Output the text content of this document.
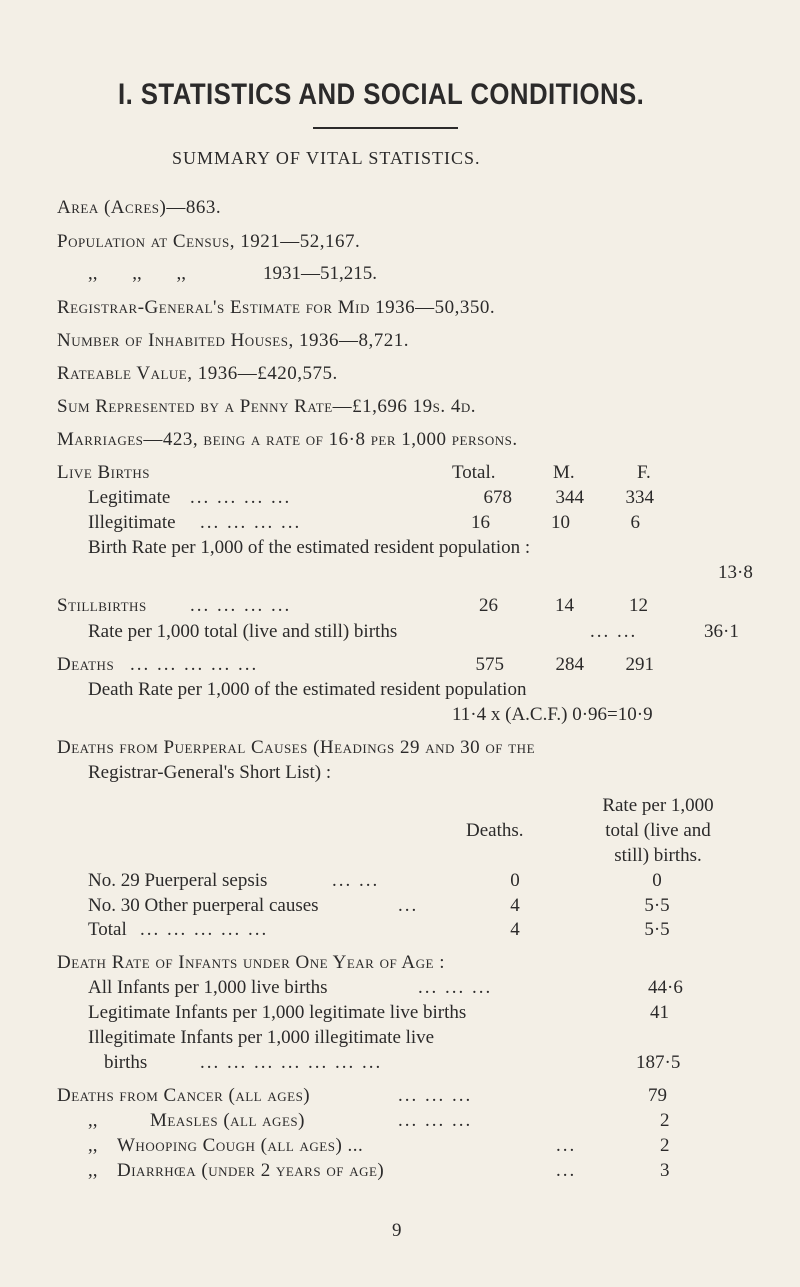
I. STATISTICS AND SOCIAL CONDITIONS.
SUMMARY OF VITAL STATISTICS.
Area (Acres)—863.
Population at Census, 1921—52,167.
,, ,, ,,	1931—51,215.
Registrar-General's Estimate for Mid 1936—50,350.
Number of Inhabited Houses, 1936—8,721.
Rateable Value, 1936—£420,575.
Sum Represented by a Penny Rate—£1,696 19s. 4d.
Marriages—423, being a rate of 16·8 per 1,000 persons.
Live Births	Total.	M.	F.
Legitimate ... ... ... ...	678	344	334
Illegitimate ... ... ... ...	16	10	6
Birth Rate per 1,000 of the estimated resident population :
13·8
Stillbirths ... ... ... ...	26	14	12
Rate per 1,000 total (live and still) births	... ...	36·1
Deaths ... ... ... ... ...	575	284	291
Death Rate per 1,000 of the estimated resident population
11·4 x (A.C.F.) 0·96=10·9
Deaths from Puerperal Causes (Headings 29 and 30 of the
Registrar-General's Short List) :
Rate per 1,000
Deaths.	total (live and
still) births.
No. 29 Puerperal sepsis	... ...	0	0
No. 30 Other puerperal causes	...	4	5·5
Total ... ... ... ... ...	4	5·5
Death Rate of Infants under One Year of Age :
All Infants per 1,000 live births	... ... ...	44·6
Legitimate Infants per 1,000 legitimate live births	41
Illegitimate Infants per 1,000 illegitimate live
births	... ... ... ... ... ... ...	187·5
Deaths from Cancer (all ages)	... ... ...	79
,,	Measles (all ages)	... ... ...	2
,, Whooping Cough (all ages) ...	...	2
,, Diarrhœa (under 2 years of age)	...	3
9
